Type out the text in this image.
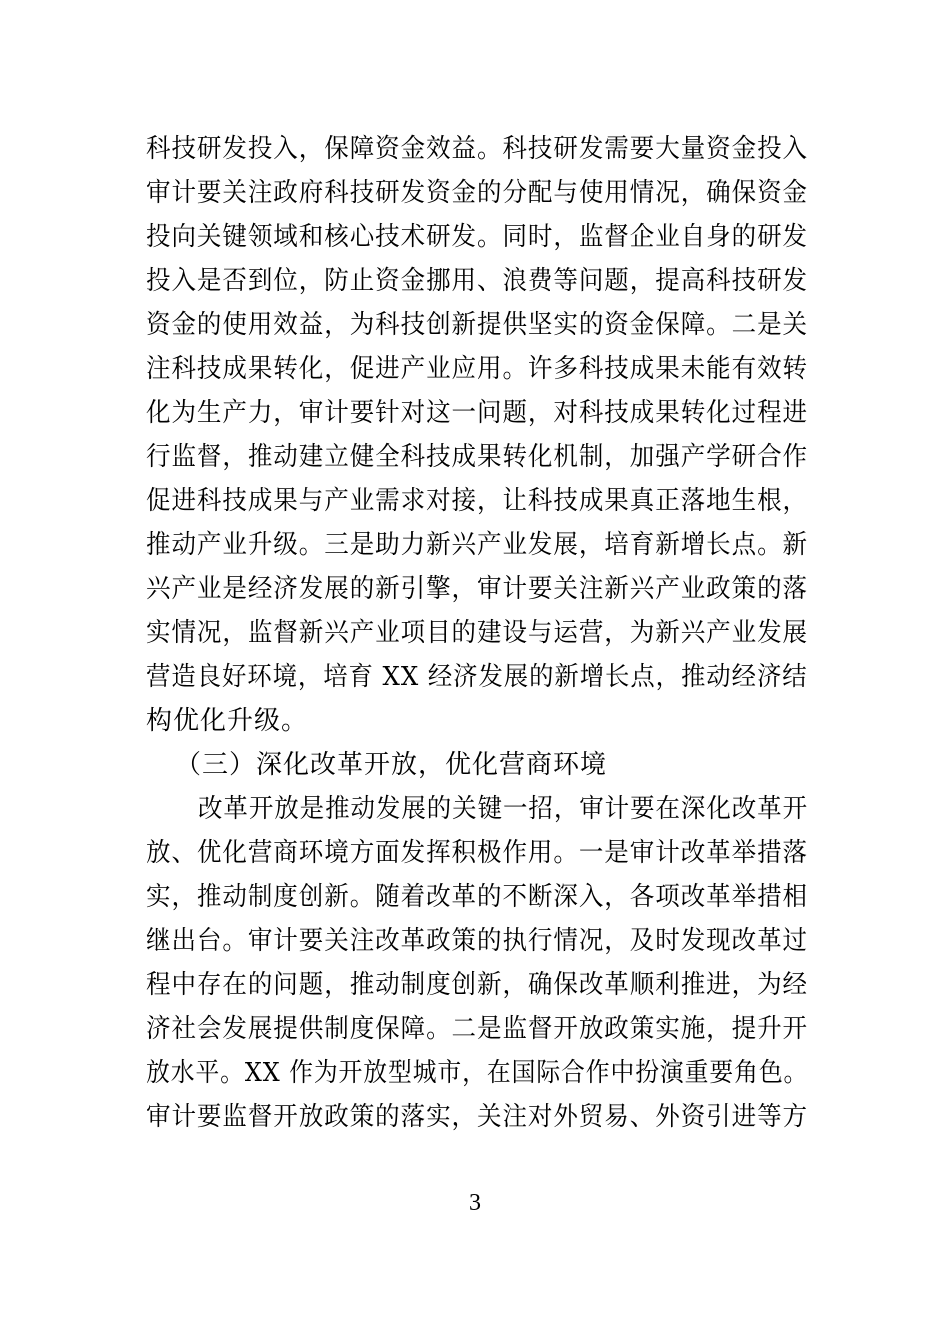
科技研发投入，保障资金效益。科技研发需要大量资金投入
审计要关注政府科技研发资金的分配与使用情况，确保资金
投向关键领域和核心技术研发。同时，监督企业自身的研发
投入是否到位，防止资金挪用、浪费等问题，提高科技研发
资金的使用效益，为科技创新提供坚实的资金保障。二是关
注科技成果转化，促进产业应用。许多科技成果未能有效转
化为生产力，审计要针对这一问题，对科技成果转化过程进
行监督，推动建立健全科技成果转化机制，加强产学研合作
促进科技成果与产业需求对接，让科技成果真正落地生根，
推动产业升级。三是助力新兴产业发展，培育新增长点。新
兴产业是经济发展的新引擎，审计要关注新兴产业政策的落
实情况，监督新兴产业项目的建设与运营，为新兴产业发展
营造良好环境，培育 XX 经济发展的新增长点，推动经济结
构优化升级。
（三）深化改革开放，优化营商环境
改革开放是推动发展的关键一招，审计要在深化改革开
放、优化营商环境方面发挥积极作用。一是审计改革举措落
实，推动制度创新。随着改革的不断深入，各项改革举措相
继出台。审计要关注改革政策的执行情况，及时发现改革过
程中存在的问题，推动制度创新，确保改革顺利推进，为经
济社会发展提供制度保障。二是监督开放政策实施，提升开
放水平。XX 作为开放型城市，在国际合作中扮演重要角色。
审计要监督开放政策的落实，关注对外贸易、外资引进等方
3
